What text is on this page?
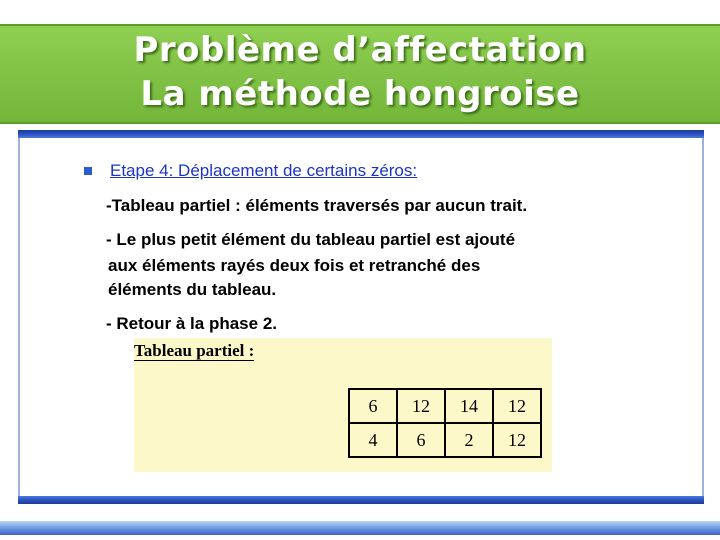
Problème d’affectation
La méthode hongroise
Etape 4: Déplacement de certains zéros:
-Tableau partiel : éléments traversés par aucun trait.
- Le plus petit élément du tableau partiel est ajouté
aux éléments rayés deux fois et retranché des
éléments du tableau.
- Retour à la phase 2.
Tableau partiel :
6	12	14	12
4	6	2	12
